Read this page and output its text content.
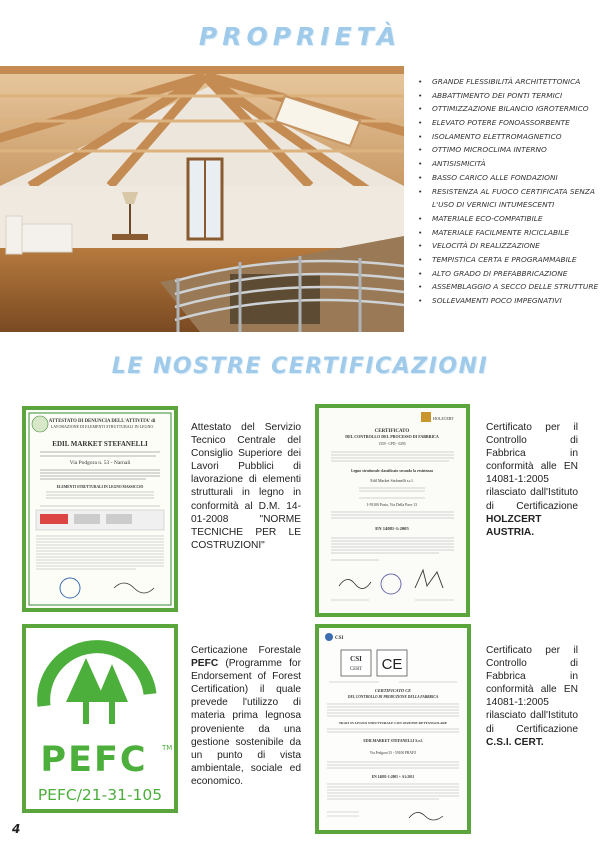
PROPRIETÀ
• GRANDE FLESSIBILITÀ ARCHITETTONICA
• ABBATTIMENTO DEI PONTI TERMICI
• OTTIMIZZAZIONE BILANCIO IGROTERMICO
• ELEVATO POTERE FONOASSORBENTE
• ISOLAMENTO ELETTROMAGNETICO
• OTTIMO MICROCLIMA INTERNO
• ANTISISMICITÀ
• BASSO CARICO ALLE FONDAZIONI
• RESISTENZA AL FUOCO CERTIFICATA SENZA
L'USO DI VERNICI INTUMESCENTI
• MATERIALE ECO-COMPATIBILE
• MATERIALE FACILMENTE RICICLABILE
• VELOCITÀ DI REALIZZAZIONE
• TEMPISTICA CERTA E PROGRAMMABILE
• ALTO GRADO DI PREFABBRICAZIONE
• ASSEMBLAGGIO A SECCO DELLE STRUTTURE
• SOLLEVAMENTI POCO IMPEGNATIVI
LE NOSTRE CERTIFICAZIONI
ATTESTATO DI DENUNCIA DELL'ATTIVITA' di
LAVORAZIONE DI ELEMENTI STRUTTURALI IN LEGNO
EDIL MARKET STEFANELLI
Via Podgora n. 53 - Narnali
ELEMENTI STRUTTURALI IN LEGNO MASSICCIO

Attestato del Servizio Tecnico Centrale del Consiglio Superiore dei Lavori Pubblici di lavorazione di elementi strutturali in legno in conformità al D.M. 14-01-2008 "NORME TECNICHE PER LE COSTRUZIONI"

HOLZCERT
CERTIFICATO
DEL CONTROLLO DEL PROCESSO DI FABBRICA
1359 - CPD - 0295
Legno strutturale classificato secondo la resistenza
Edil Market Stefanelli s.r.l.
I-59100 Prato, Via Della Pace 13
EN 14081-1:2005

Certificato per il Controllo di Fabbrica in conformità alle EN 14081-1:2005 rilasciato dall'Istituto di Certificazione HOLZCERT AUSTRIA.

PEFC TM
PEFC/21-31-105

Certicazione Forestale PEFC (Programme for Endorsement of Forest Certification) il quale prevede l'utilizzo di materia prima legnosa proveniente da una gestione sostenibile da un punto di vista ambientale, sociale ed economico.

CSI
CSI
CERT CE
CERTIFICATO CE
DEL CONTROLLO DI PRODUZIONE DELLA FABBRICA
TRAVI IN LEGNO STRUTTURALE CON SEZIONE RETTANGOLARE
EDILMARKET STEFANELLI S.r.l.
Via Podgora 53 - 59100 PRATO
EN 14081-1:2005 + A1:2011

Certificato per il Controllo di Fabbrica in conformità alle EN 14081-1:2005 rilasciato dall'Istituto di Certificazione C.S.I. CERT.

4
